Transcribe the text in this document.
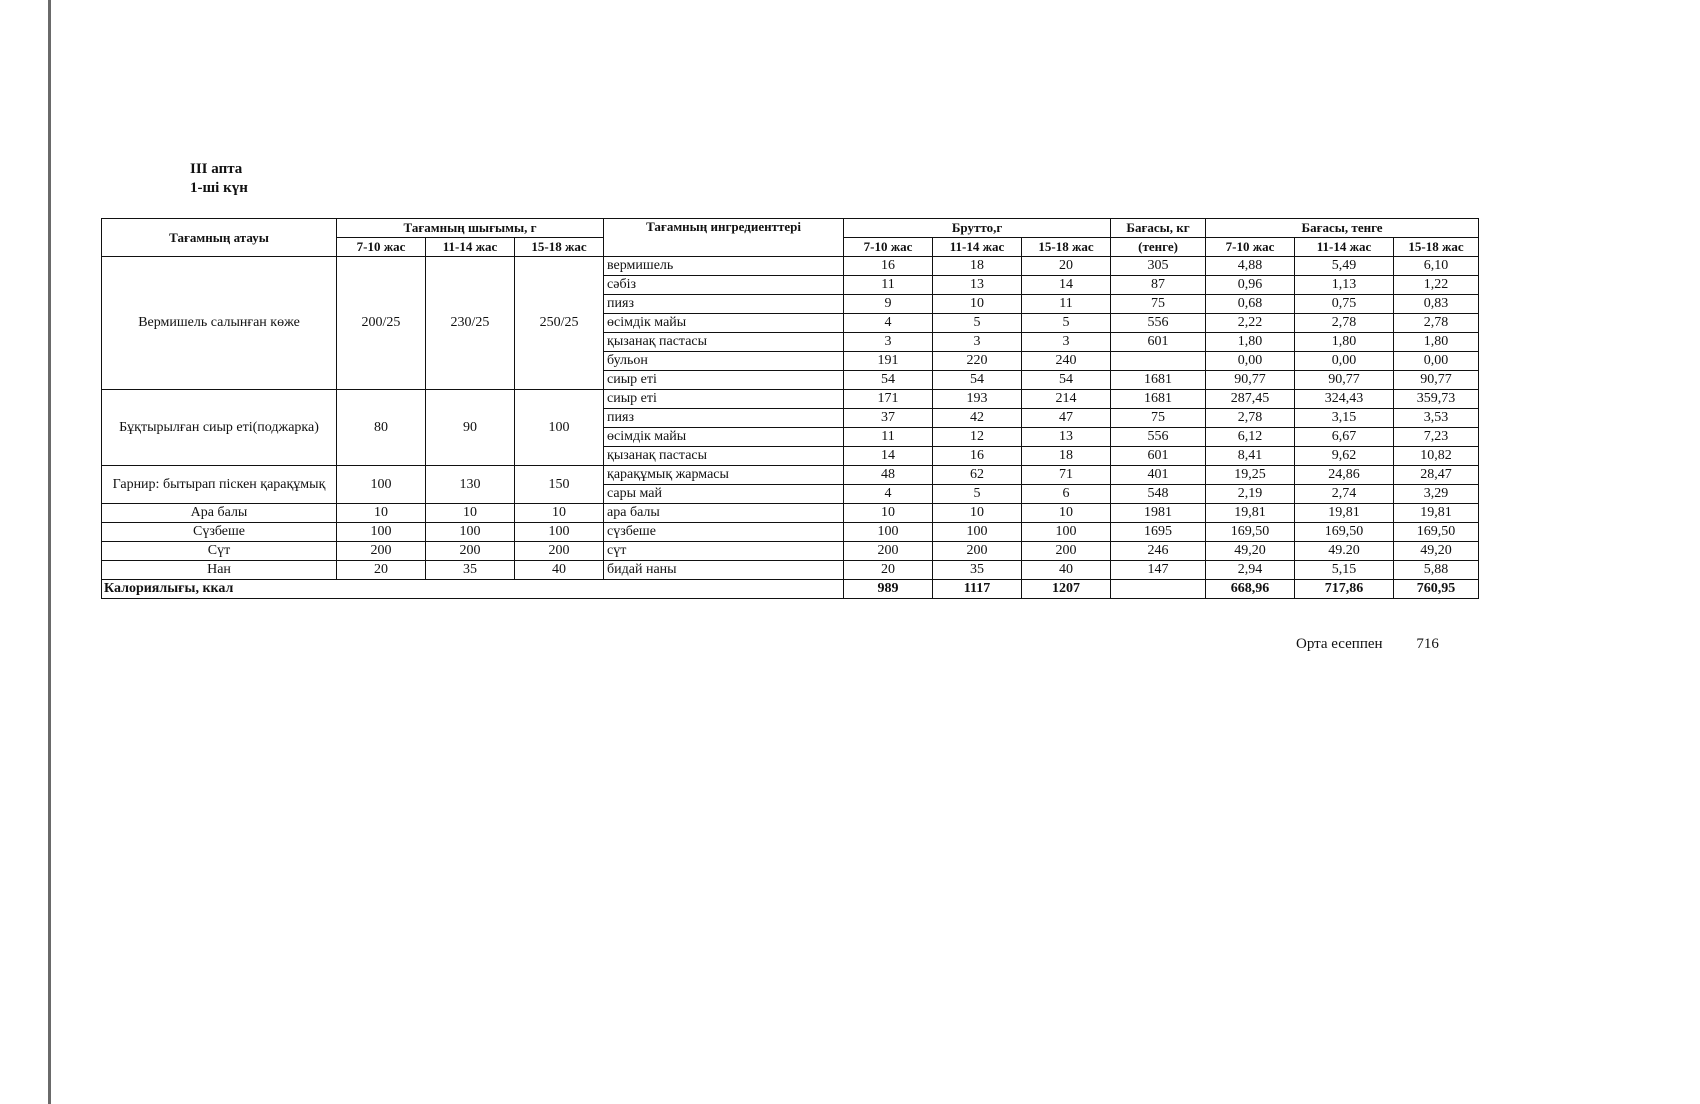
III апта
1-ші күн
Тағамның атауы	Тағамның шығымы, г			Тағамның ингредиенттері	Брутто,г			Бағасы, кг	Бағасы, тенге		
	7-10 жас	11-14 жас	15-18 жас		7-10 жас	11-14 жас	15-18 жас	(тенге)	7-10 жас	11-14 жас	15-18 жас
Вермишель салынған көже	200/25	230/25	250/25	вермишель	16	18	20	305	4,88	5,49	6,10
				сәбіз	11	13	14	87	0,96	1,13	1,22
				пияз	9	10	11	75	0,68	0,75	0,83
				өсімдік майы	4	5	5	556	2,22	2,78	2,78
				қызанақ пастасы	3	3	3	601	1,80	1,80	1,80
				бульон	191	220	240		0,00	0,00	0,00
				сиыр еті	54	54	54	1681	90,77	90,77	90,77
Бұқтырылған сиыр еті(поджарка)	80	90	100	сиыр еті	171	193	214	1681	287,45	324,43	359,73
				пияз	37	42	47	75	2,78	3,15	3,53
				өсімдік майы	11	12	13	556	6,12	6,67	7,23
				қызанақ пастасы	14	16	18	601	8,41	9,62	10,82
Гарнир: бытырап піскен қарақұмық	100	130	150	қарақұмық жармасы	48	62	71	401	19,25	24,86	28,47
				сары май	4	5	6	548	2,19	2,74	3,29
Ара балы	10	10	10	ара балы	10	10	10	1981	19,81	19,81	19,81
Сүзбеше	100	100	100	сүзбеше	100	100	100	1695	169,50	169,50	169,50
Сүт	200	200	200	сүт	200	200	200	246	49,20	49.20	49,20
Нан	20	35	40	бидай наны	20	35	40	147	2,94	5,15	5,88
Калориялығы, ккал					989	1117	1207		668,96	717,86	760,95
Орта есеппен 716
